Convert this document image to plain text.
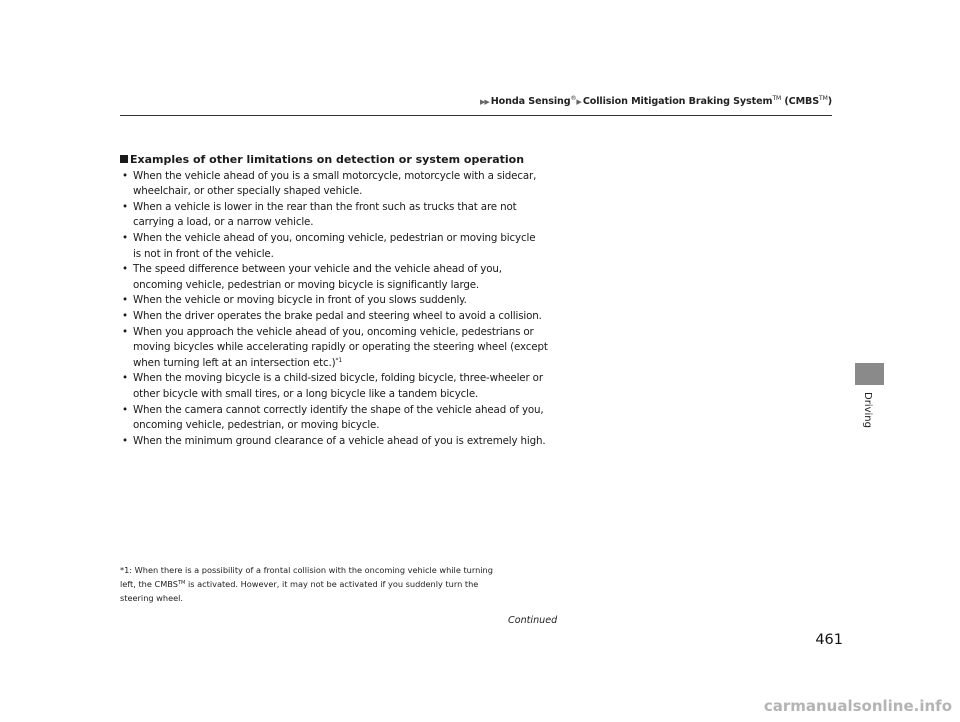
▶▶ Honda Sensing®▶ Collision Mitigation Braking System™ (CMBS™)
Examples of other limitations on detection or system operation
• When the vehicle ahead of you is a small motorcycle, motorcycle with a sidecar,
wheelchair, or other specially shaped vehicle.
• When a vehicle is lower in the rear than the front such as trucks that are not
carrying a load, or a narrow vehicle.
• When the vehicle ahead of you, oncoming vehicle, pedestrian or moving bicycle
is not in front of the vehicle.
• The speed difference between your vehicle and the vehicle ahead of you,
oncoming vehicle, pedestrian or moving bicycle is significantly large.
• When the vehicle or moving bicycle in front of you slows suddenly.
• When the driver operates the brake pedal and steering wheel to avoid a collision.
• When you approach the vehicle ahead of you, oncoming vehicle, pedestrians or
moving bicycles while accelerating rapidly or operating the steering wheel (except
when turning left at an intersection etc.)$^{*1}$
• When the moving bicycle is a child-sized bicycle, folding bicycle, three-wheeler or
other bicycle with small tires, or a long bicycle like a tandem bicycle.
• When the camera cannot correctly identify the shape of the vehicle ahead of you,
oncoming vehicle, pedestrian, or moving bicycle.
• When the minimum ground clearance of a vehicle ahead of you is extremely high.
*1: When there is a possibility of a frontal collision with the oncoming vehicle while turning
left, the CMBS™ is activated. However, it may not be activated if you suddenly turn the
steering wheel.
Continued
461
Driving
carmanualsonline.info
